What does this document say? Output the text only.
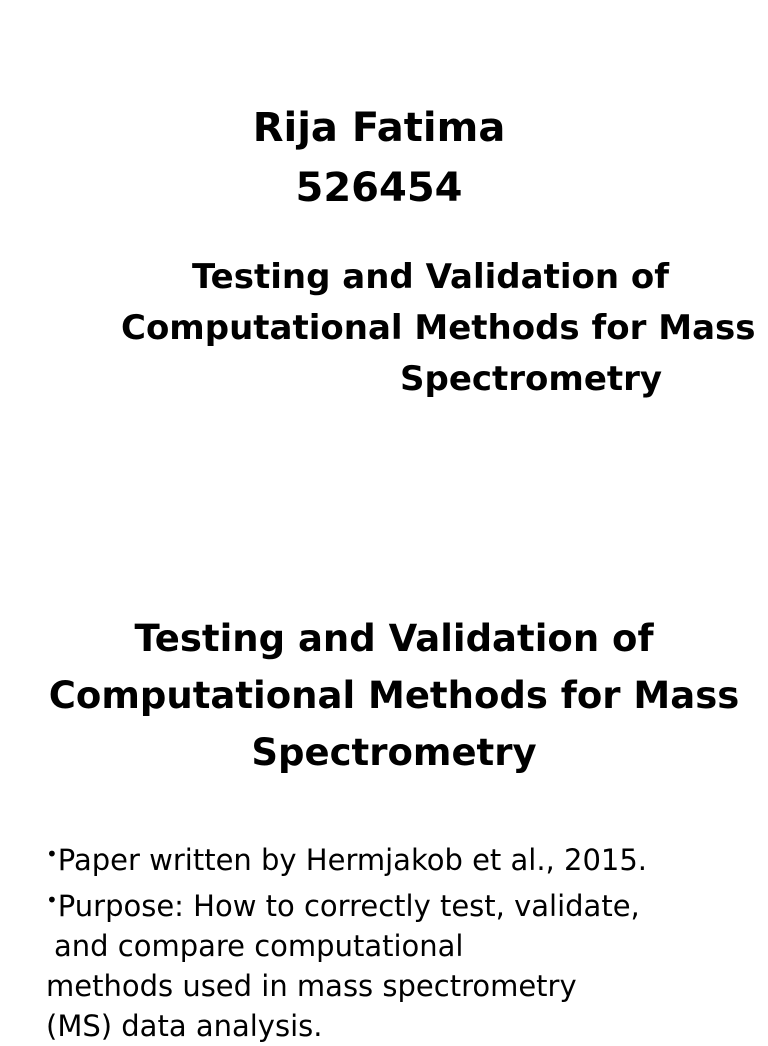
Rija Fatima
526454
Testing and Validation of
Computational Methods for Mass
Spectrometry
Testing and Validation of
Computational Methods for Mass
Spectrometry
•Paper written by Hermjakob et al., 2015.
•Purpose: How to correctly test, validate,
and compare computational
methods used in mass spectrometry
(MS) data analysis.
